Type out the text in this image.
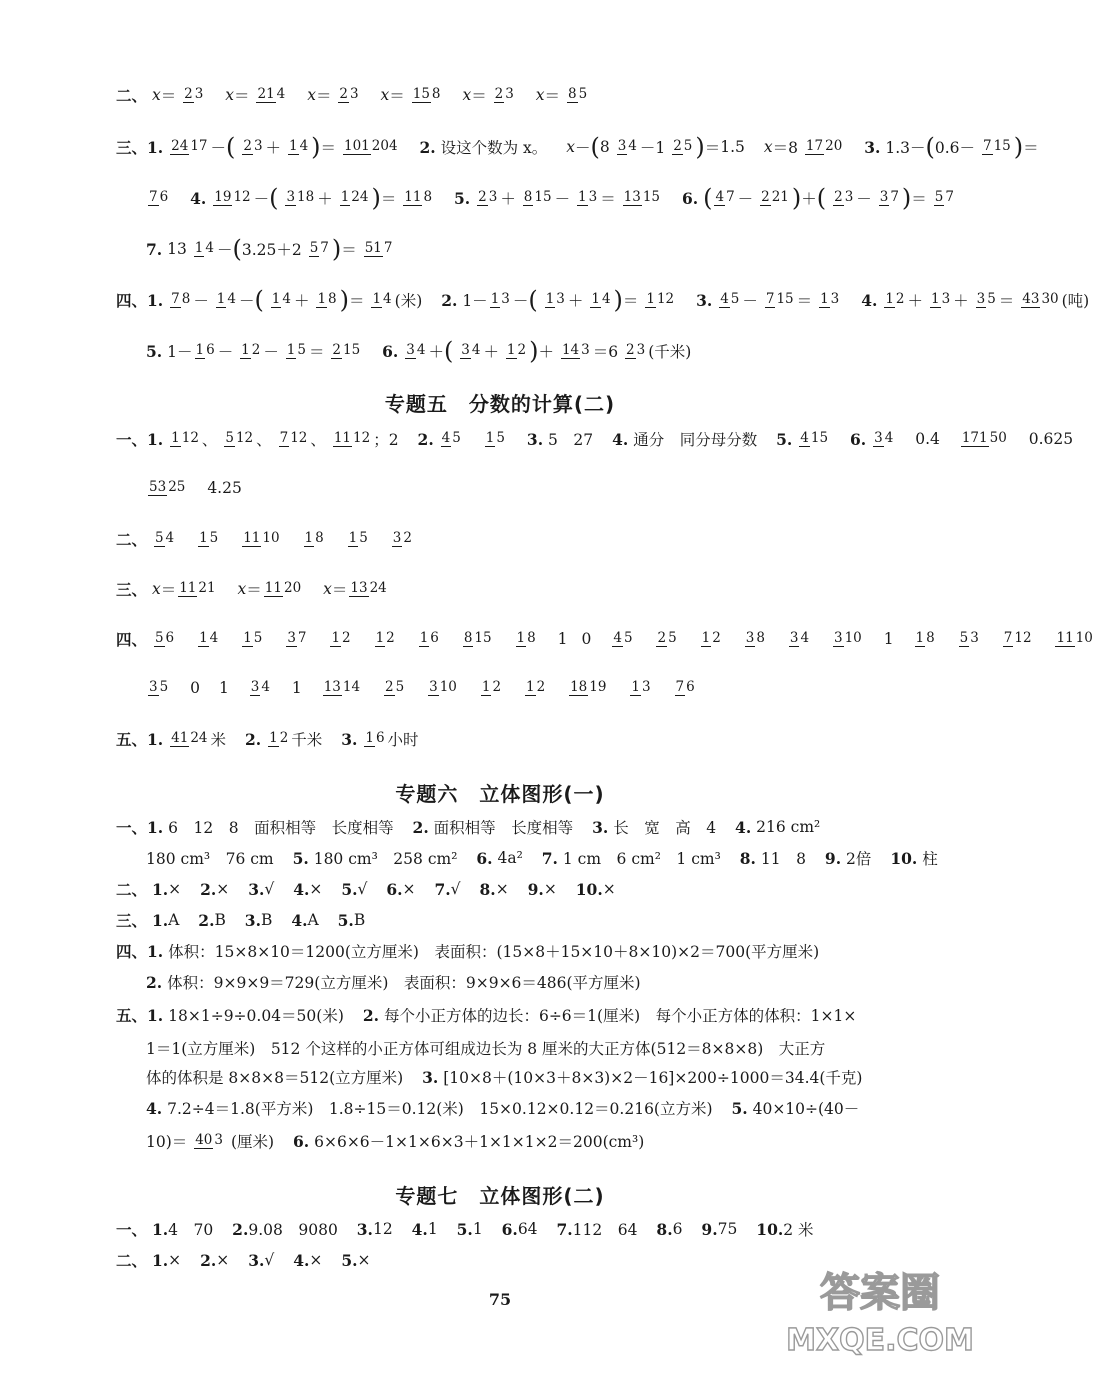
二、 x＝ 2 3 x＝ 21 4 x＝ 2 3 x＝ 15 8 x＝ 2 3 x＝ 8 5
三、1. 24 17 －( 2 3 ＋ 1 4 )＝ 101 204 2. 设这个数为 x。 x－(8 3 4 －1 2 5 )＝1.5 x＝8 17 20 3. 1.3－(0.6－ 7 15 )＝
7 6 4. 19 12 －( 3 18 ＋ 1 24 )＝ 11 8 5. 2 3 ＋ 8 15 － 1 3 ＝ 13 15 6. ( 4 7 － 2 21 )＋( 2 3 － 3 7 )＝ 5 7
7. 13 1 4 －(3.25＋2 5 7 )＝ 51 7
四、1. 7 8 － 1 4 －( 1 4 ＋ 1 8 )＝ 1 4 (米) 2. 1－ 1 3 －( 1 3 ＋ 1 4 )＝ 1 12 3. 4 5 － 7 15 ＝ 1 3 4. 1 2 ＋ 1 3 ＋ 3 5 ＝ 43 30 (吨)
5. 1－ 1 6 － 1 2 － 1 5 ＝ 2 15 6. 3 4 ＋( 3 4 ＋ 1 2 )＋ 14 3 ＝6 2 3 (千米)
专题五　分数的计算(二)
一、1. 1 12 、 5 12 、 7 12 、 11 12 ；2 2. 4 5 1 5 3. 5　27 4. 通分　同分母分数 5. 4 15 6. 3 4 0.4 171 50 0.625
53 25 4.25
二、 5 4 1 5 11 10 1 8 1 5 3 2
三、 x＝ 11 21 x＝ 11 20 x＝ 13 24
四、 5 6 1 4 1 5 3 7 1 2 1 2 1 6 8 15 1 8 1 0 4 5 2 5 1 2 3 8 3 4 3 10 1 1 8 5 3 7 12 11 10
3 5 0 1 3 4 1 13 14 2 5 3 10 1 2 1 2 18 19 1 3 7 6
五、1. 41 24 米 2. 1 2 千米 3. 1 6 小时
专题六　立体图形(一)
一、1. 6　12　8　面积相等　长度相等 2. 面积相等　长度相等 3. 长　宽　高　4 4. 216 cm²
180 cm³　76 cm 5. 180 cm³　258 cm² 6. 4a² 7. 1 cm　6 cm²　1 cm³ 8. 11　8 9. 2倍 10. 柱
二、 1.× 2.× 3.√ 4.× 5.√ 6.× 7.√ 8.× 9.× 10.×
三、 1.A 2.B 3.B 4.A 5.B
四、1. 体积：15×8×10＝1200(立方厘米)　表面积：(15×8＋15×10＋8×10)×2＝700(平方厘米)
2. 体积：9×9×9＝729(立方厘米)　表面积：9×9×6＝486(平方厘米)
五、1. 18×1÷9÷0.04＝50(米) 2. 每个小正方体的边长：6÷6＝1(厘米)　每个小正方体的体积：1×1×
1＝1(立方厘米)　512 个这样的小正方体可组成边长为 8 厘米的大正方体(512＝8×8×8)　大正方
体的体积是 8×8×8＝512(立方厘米) 3. [10×8＋(10×3＋8×3)×2－16]×200÷1000＝34.4(千克)
4. 7.2÷4＝1.8(平方米)　1.8÷15＝0.12(米)　15×0.12×0.12＝0.216(立方米) 5. 40×10÷(40－
10)＝ 40 3 (厘米) 6. 6×6×6－1×1×6×3＋1×1×1×2＝200(cm³)
专题七　立体图形(二)
一、 1.4　70 2.9.08　9080 3.12 4.1 5.1 6.64 7.112　64 8.6 9.75 10.2 米
二、 1.× 2.× 3.√ 4.× 5.×
75	答案圈
MXQE.COM
